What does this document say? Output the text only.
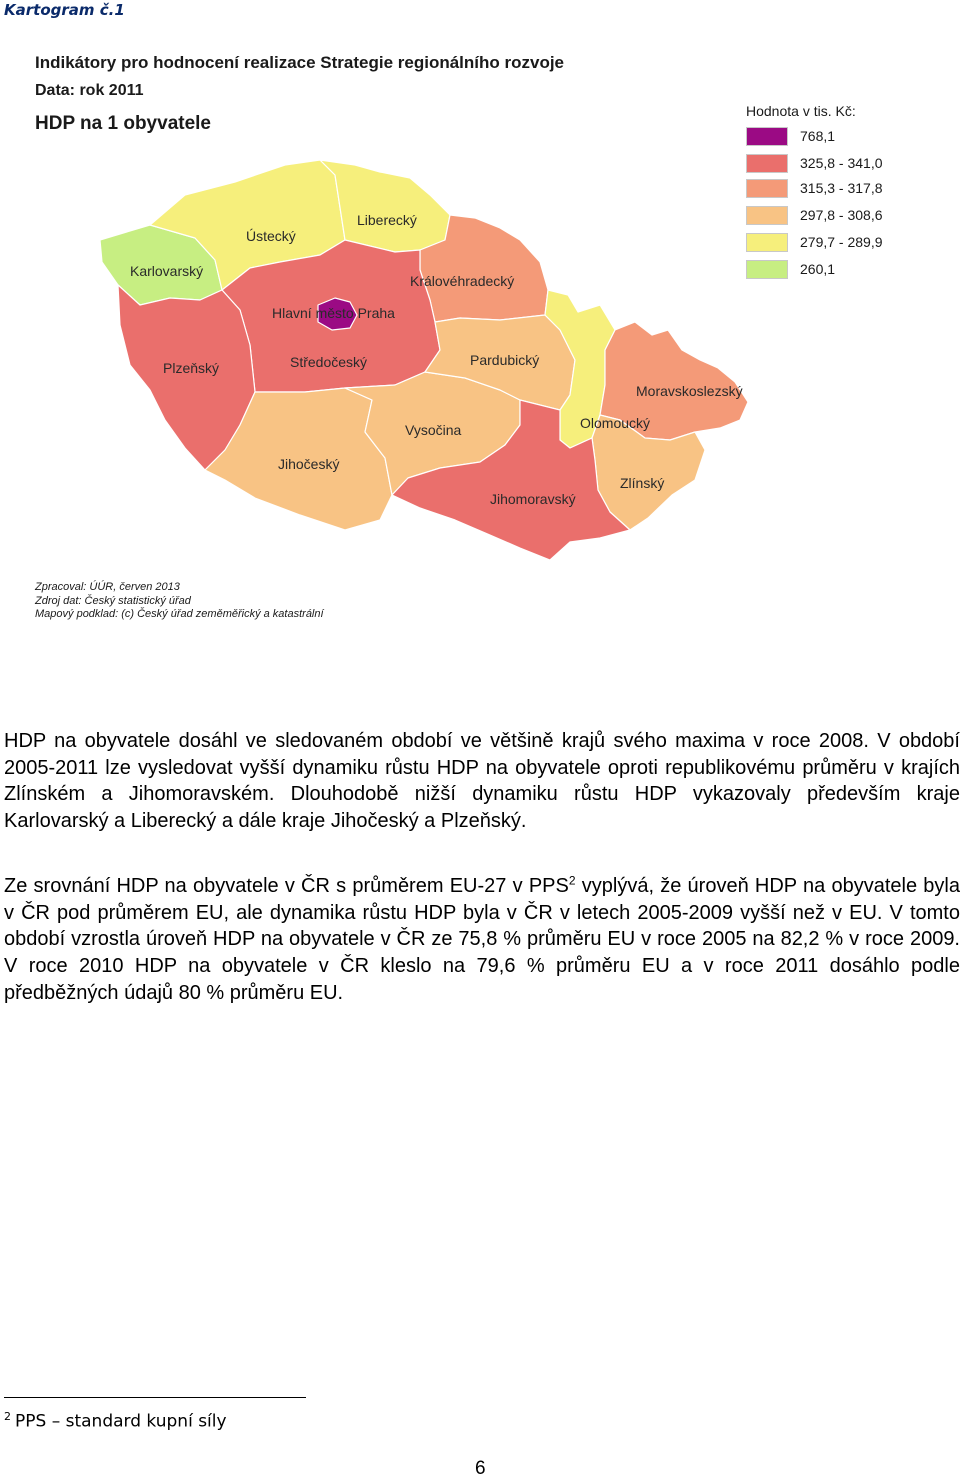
Kartogram č.1
Indikátory pro hodnocení realizace Strategie regionálního rozvoje
Data: rok 2011
HDP na 1 obyvatele
Karlovarský
Ústecký
Liberecký
Královéhradecký
Hlavní město Praha
Plzeňský	Středočeský	Pardubický
Moravskoslezský
Olomoucký
Vysočina
Jihočeský
Jihomoravský
Zlínský
Hodnota v tis. Kč:
768,1
325,8 - 341,0
315,3 - 317,8
297,8 - 308,6
279,7 - 289,9
260,1
Zpracoval: ÚÚR, červen 2013
Zdroj dat: Český statistický úřad
Mapový podklad: (c) Český úřad zeměměřický a katastrální

HDP na obyvatele dosáhl ve sledovaném období ve většině krajů svého maxima v roce 2008. V období 2005-2011 lze vysledovat vyšší dynamiku růstu HDP na obyvatele oproti republikovému průměru v krajích Zlínském a Jihomoravském. Dlouhodobě nižší dynamiku růstu HDP vykazovaly především kraje Karlovarský a Liberecký a dále kraje Jihočeský a Plzeňský.

Ze srovnání HDP na obyvatele v ČR s průměrem EU-27 v PPS$^2$ vyplývá, že úroveň HDP na obyvatele byla v ČR pod průměrem EU, ale dynamika růstu HDP byla v ČR v letech 2005-2009 vyšší než v EU. V tomto období vzrostla úroveň HDP na obyvatele v ČR ze 75,8 % průměru EU v roce 2005 na 82,2 % v roce 2009. V roce 2010 HDP na obyvatele v ČR kleslo na 79,6 % průměru EU a v roce 2011 dosáhlo podle předběžných údajů 80 % průměru EU.

$^2$ PPS – standard kupní síly
6
